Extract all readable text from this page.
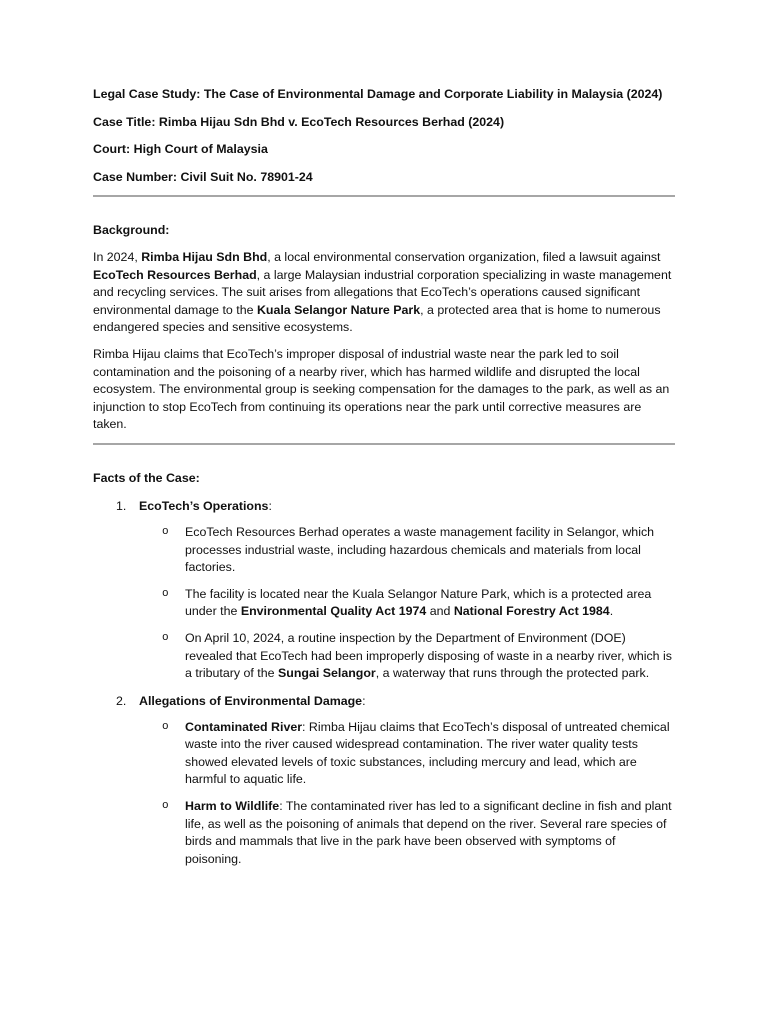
Legal Case Study: The Case of Environmental Damage and Corporate Liability in Malaysia (2024)
Case Title: Rimba Hijau Sdn Bhd v. EcoTech Resources Berhad (2024)
Court: High Court of Malaysia
Case Number: Civil Suit No. 78901-24
Background:

In 2024, Rimba Hijau Sdn Bhd, a local environmental conservation organization, filed a lawsuit against EcoTech Resources Berhad, a large Malaysian industrial corporation specializing in waste management and recycling services. The suit arises from allegations that EcoTech’s operations caused significant environmental damage to the Kuala Selangor Nature Park, a protected area that is home to numerous endangered species and sensitive ecosystems.

Rimba Hijau claims that EcoTech’s improper disposal of industrial waste near the park led to soil contamination and the poisoning of a nearby river, which has harmed wildlife and disrupted the local ecosystem. The environmental group is seeking compensation for the damages to the park, as well as an injunction to stop EcoTech from continuing its operations near the park until corrective measures are taken.

Facts of the Case:
1. EcoTech’s Operations:
o EcoTech Resources Berhad operates a waste management facility in Selangor, which processes industrial waste, including hazardous chemicals and materials from local factories.
o The facility is located near the Kuala Selangor Nature Park, which is a protected area under the Environmental Quality Act 1974 and National Forestry Act 1984.
o On April 10, 2024, a routine inspection by the Department of Environment (DOE) revealed that EcoTech had been improperly disposing of waste in a nearby river, which is a tributary of the Sungai Selangor, a waterway that runs through the protected park.
2. Allegations of Environmental Damage:
o Contaminated River: Rimba Hijau claims that EcoTech’s disposal of untreated chemical waste into the river caused widespread contamination. The river water quality tests showed elevated levels of toxic substances, including mercury and lead, which are harmful to aquatic life.
o Harm to Wildlife: The contaminated river has led to a significant decline in fish and plant life, as well as the poisoning of animals that depend on the river. Several rare species of birds and mammals that live in the park have been observed with symptoms of poisoning.
